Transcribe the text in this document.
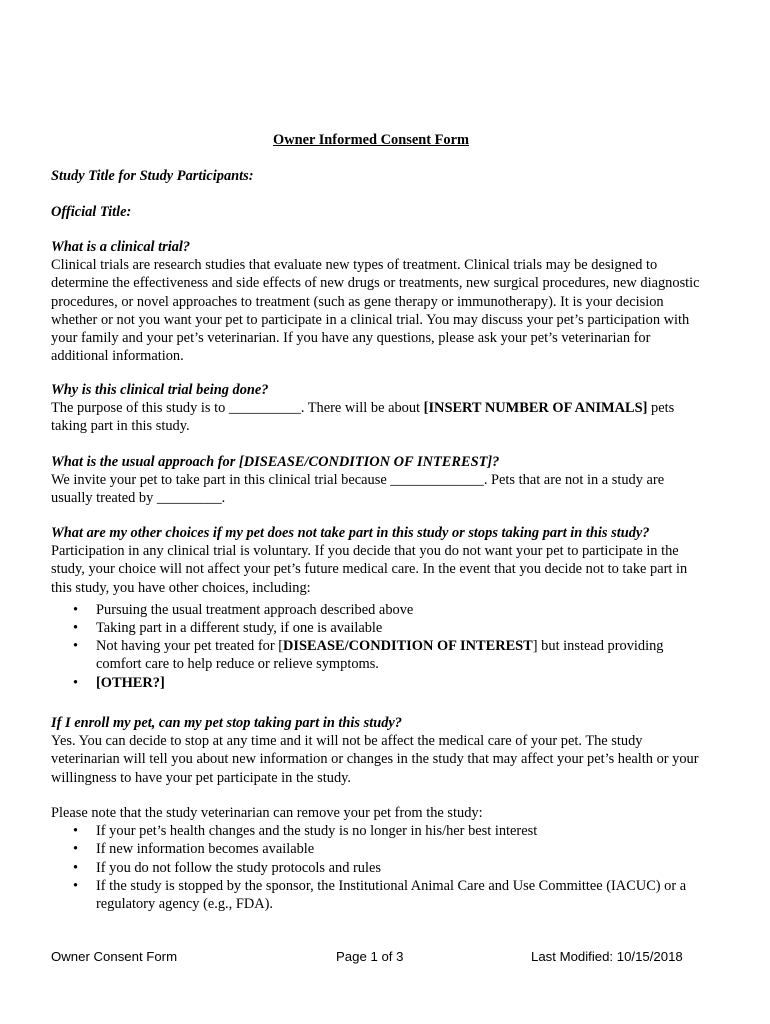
Owner Informed Consent Form
Study Title for Study Participants:
Official Title:
What is a clinical trial?

Clinical trials are research studies that evaluate new types of treatment. Clinical trials may be designed to determine the effectiveness and side effects of new drugs or treatments, new surgical procedures, new diagnostic procedures, or novel approaches to treatment (such as gene therapy or immunotherapy). It is your decision whether or not you want your pet to participate in a clinical trial. You may discuss your pet’s participation with your family and your pet’s veterinarian. If you have any questions, please ask your pet’s veterinarian for additional information.

Why is this clinical trial being done?

The purpose of this study is to __________. There will be about [INSERT NUMBER OF ANIMALS] pets taking part in this study.

What is the usual approach for [DISEASE/CONDITION OF INTEREST]?

We invite your pet to take part in this clinical trial because _____________. Pets that are not in a study are usually treated by _________.

What are my other choices if my pet does not take part in this study or stops taking part in this study?

Participation in any clinical trial is voluntary. If you decide that you do not want your pet to participate in the study, your choice will not affect your pet’s future medical care. In the event that you decide not to take part in this study, you have other choices, including:

• Pursuing the usual treatment approach described above
• Taking part in a different study, if one is available
• Not having your pet treated for [DISEASE/CONDITION OF INTEREST] but instead providing comfort care to help reduce or relieve symptoms.
• [OTHER?]
If I enroll my pet, can my pet stop taking part in this study?

Yes. You can decide to stop at any time and it will not be affect the medical care of your pet. The study veterinarian will tell you about new information or changes in the study that may affect your pet’s health or your willingness to have your pet participate in the study.

Please note that the study veterinarian can remove your pet from the study:

• If your pet’s health changes and the study is no longer in his/her best interest
• If new information becomes available
• If you do not follow the study protocols and rules
• If the study is stopped by the sponsor, the Institutional Animal Care and Use Committee (IACUC) or a regulatory agency (e.g., FDA).
Owner Consent Form	Page 1 of 3	Last Modified: 10/15/2018
